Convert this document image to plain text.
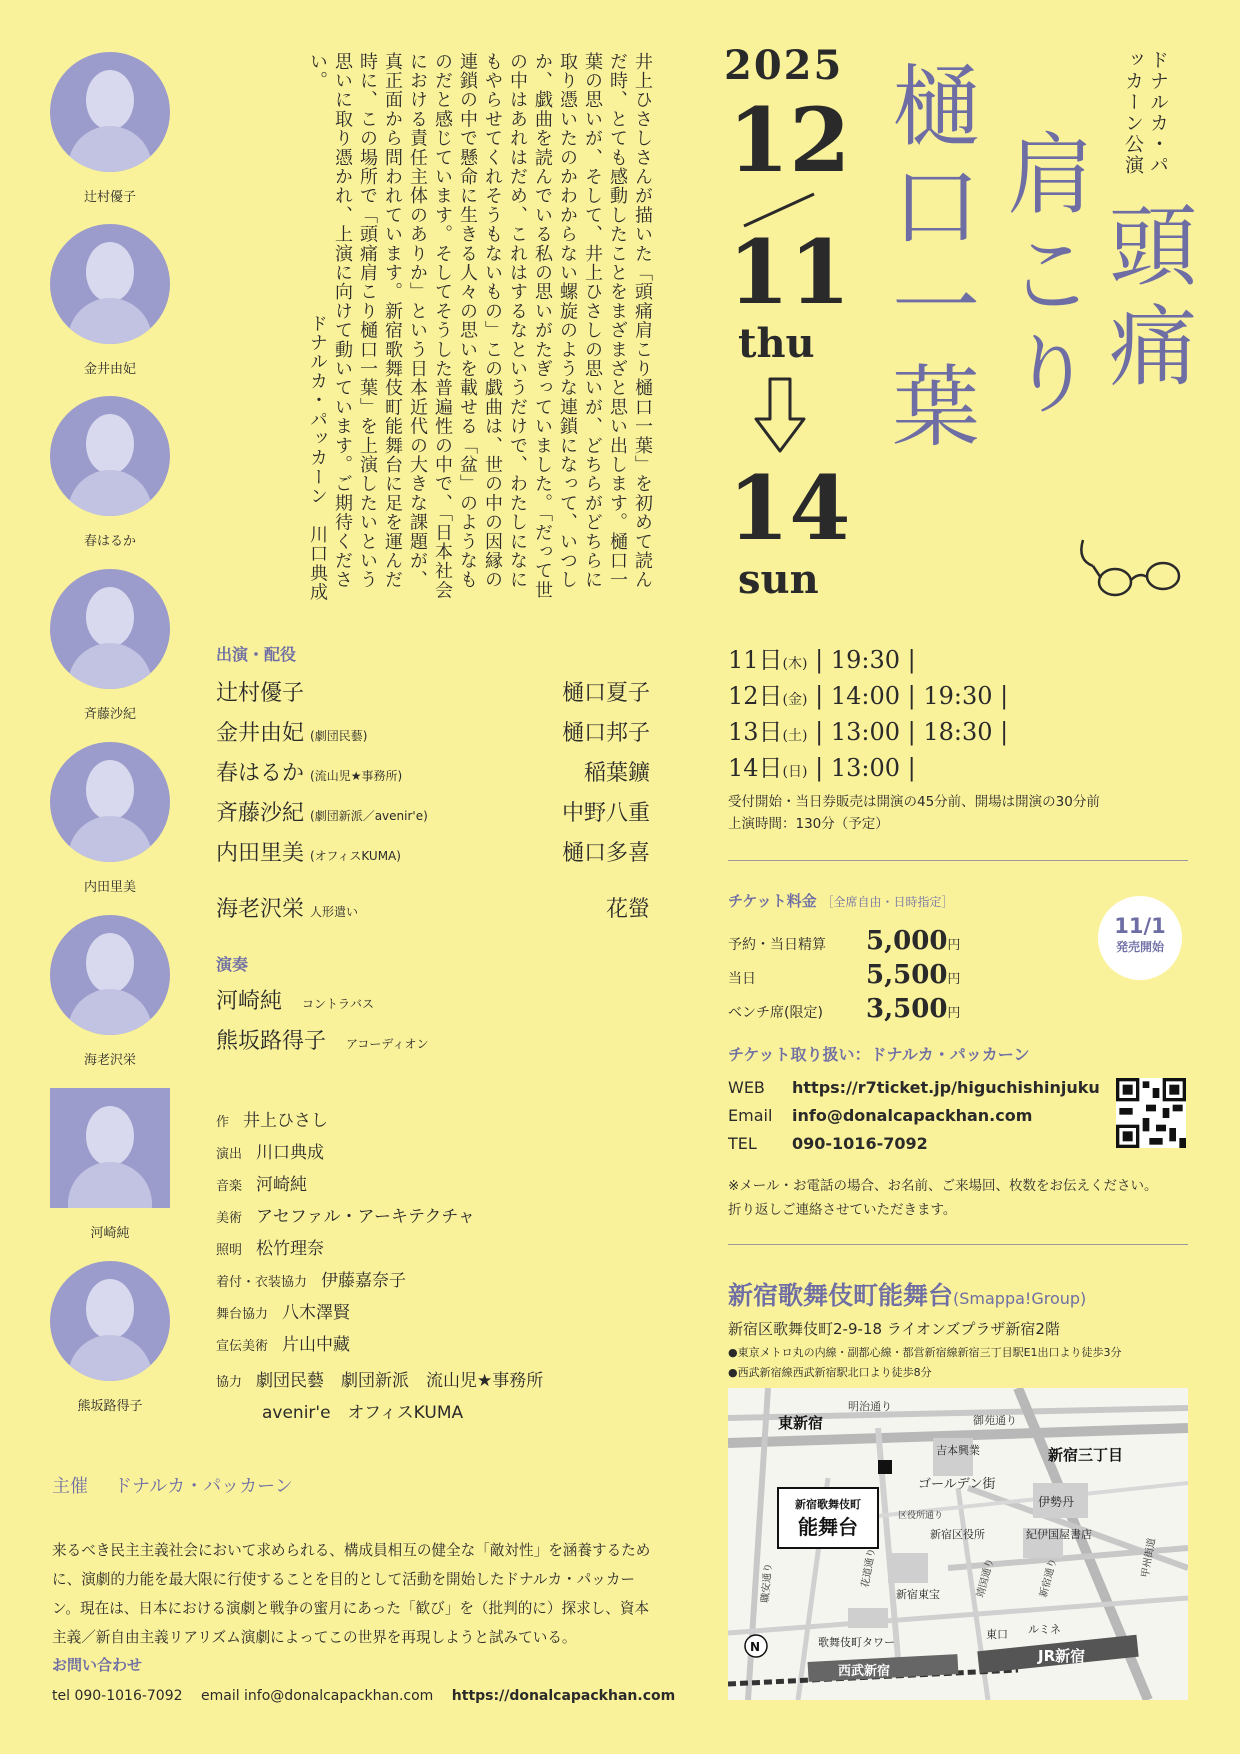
ドナルカ・パッカーン公演
頭痛
肩こり
樋口一葉
2025
12
11
thu
14
sun
井上ひさしさんが描いた「頭痛肩こり樋口一葉」を初めて読んだ時、とても感動したことをまざまざと思い出します。樋口一葉の思いが、そして、井上ひさしの思いが、どちらがどちらに取り憑いたのかわからない螺旋のような連鎖になって、いつしか、戯曲を読んでいる私の思いがたぎっていました。「だって世の中はあれはだめ、これはするなというだけで、わたしになにもやらせてくれそうもないもの」この戯曲は、世の中の因縁の連鎖の中で懸命に生きる人々の思いを載せる「盆」のようなものだと感じています。そしてそうした普遍性の中で、「日本社会における責任主体のありか」という日本近代の大きな課題が、真正面から問われています。新宿歌舞伎町能舞台に足を運んだ時に、この場所で「頭痛肩こり樋口一葉」を上演したいという思いに取り憑かれ、上演に向けて動いています。ご期待ください。
ドナルカ・パッカーン　川口典成
辻村優子
金井由妃
春はるか
斉藤沙紀
内田里美
海老沢栄
河崎純
熊坂路得子
出演・配役
辻村優子	樋口夏子
金井由妃 (劇団民藝)	樋口邦子
春はるか (流山児★事務所)	稲葉鑛
斉藤沙紀 (劇団新派／avenir'e)	中野八重
内田里美 (オフィスKUMA)	樋口多喜
海老沢栄 人形遣い	花螢
演奏
河崎純 コントラバス
熊坂路得子 アコーディオン
作 井上ひさし
演出 川口典成
音楽 河崎純
美術 アセファル・アーキテクチャ
照明 松竹理奈
着付・衣装協力 伊藤嘉奈子
舞台協力 八木澤賢
宣伝美術 片山中藏
協力 劇団民藝　劇団新派　流山児★事務所
avenir'e　オフィスKUMA
11日(木) | 19:30 |
12日(金) | 14:00 | 19:30 |
13日(土) | 13:00 | 18:30 |
14日(日) | 13:00 |
受付開始・当日券販売は開演の45分前、開場は開演の30分前
上演時間：130分（予定）
チケット料金 ［全席自由・日時指定］
予約・当日精算 5,000円
当日	5,500円
ベンチ席(限定) 3,500円
11/1
発売開始
チケット取り扱い：ドナルカ・パッカーン
WEB https://r7ticket.jp/higuchishinjuku
Email info@donalcapackhan.com
TEL 090-1016-7092
※メール・お電話の場合、お名前、ご来場回、枚数をお伝えください。
折り返しご連絡させていただきます。
新宿歌舞伎町能舞台(Smappa!Group)
新宿区歌舞伎町2-9-18 ライオンズプラザ新宿2階
●東京メトロ丸の内線・副都心線・都営新宿線新宿三丁目駅E1出口より徒歩3分
●西武新宿線西武新宿駅北口より徒歩8分
新宿歌舞伎町
能舞台
明治通り
御苑通り
東新宿
吉本興業	新宿三丁目
ゴールデン街
伊勢丹
区役所通り
新宿区役所	紀伊国屋書店
花道通り
職安通り	靖国通り	新宿通り	甲州街道
新宿東宝
歌舞伎町タワー
西武新宿
東口 ルミネ
JR新宿
N
主催 ドナルカ・パッカーン
来るべき民主主義社会において求められる、構成員相互の健全な「敵対性」を涵養するために、演劇的力能を最大限に行使することを目的として活動を開始したドナルカ・パッカーン。現在は、日本における演劇と戦争の蜜月にあった「歓び」を（批判的に）探求し、資本主義／新自由主義リアリズム演劇によってこの世界を再現しようと試みている。
お問い合わせ
tel 090-1016-7092 email info@donalcapackhan.com https://donalcapackhan.com
